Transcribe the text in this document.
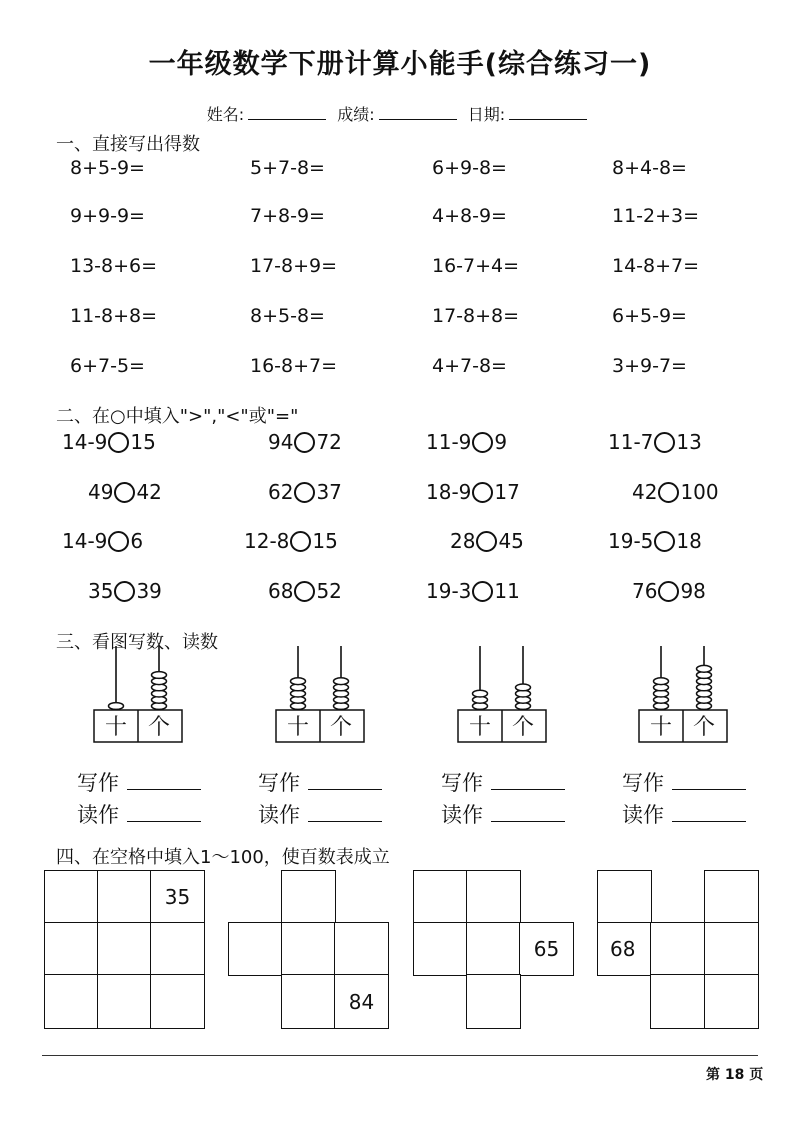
一年级数学下册计算小能手(综合练习一)
姓名:	成绩:	日期:
一、直接写出得数
8+5-9=	5+7-8=	6+9-8=	8+4-8=
9+9-9=	7+8-9=	4+8-9=	11-2+3=
13-8+6=	17-8+9=	16-7+4=	14-8+7=
11-8+8=	8+5-8=	17-8+8=	6+5-9=
6+7-5=	16-8+7=	4+7-8=	3+9-7=
二、在○中填入">","<"或"="
14-9 15	94 72	11-9 9	11-7 13
49 42	62 37	18-9 17	42 100
14-9 6	12-8 15	28 45	19-5 18
35 39	68 52	19-3 11	76 98
三、看图写数、读数
十 个
写作
读作
十 个
写作
读作
十 个
写作
读作
十 个
写作
读作
四、在空格中填入1～100，使百数表成立
35
84
65	68
第 18 页
